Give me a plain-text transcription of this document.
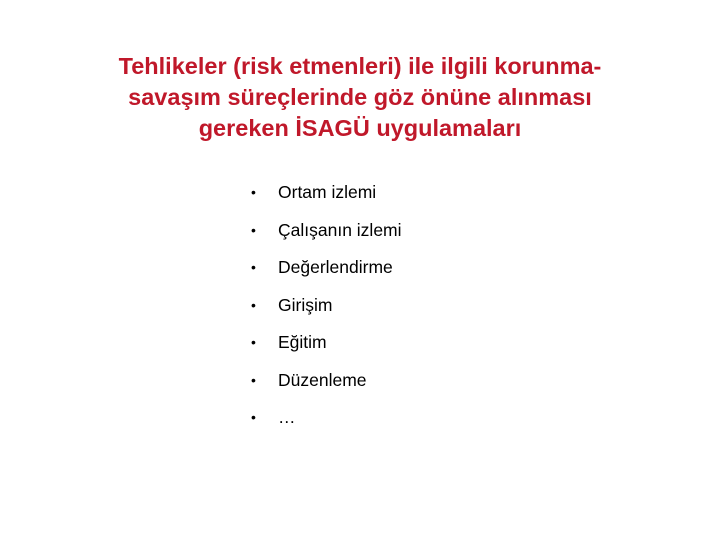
Tehlikeler (risk etmenleri) ile ilgili korunma-
savaşım süreçlerinde göz önüne alınması
gereken İSAGÜ uygulamaları
• Ortam izlemi
• Çalışanın izlemi
• Değerlendirme
• Girişim
• Eğitim
• Düzenleme
• …
